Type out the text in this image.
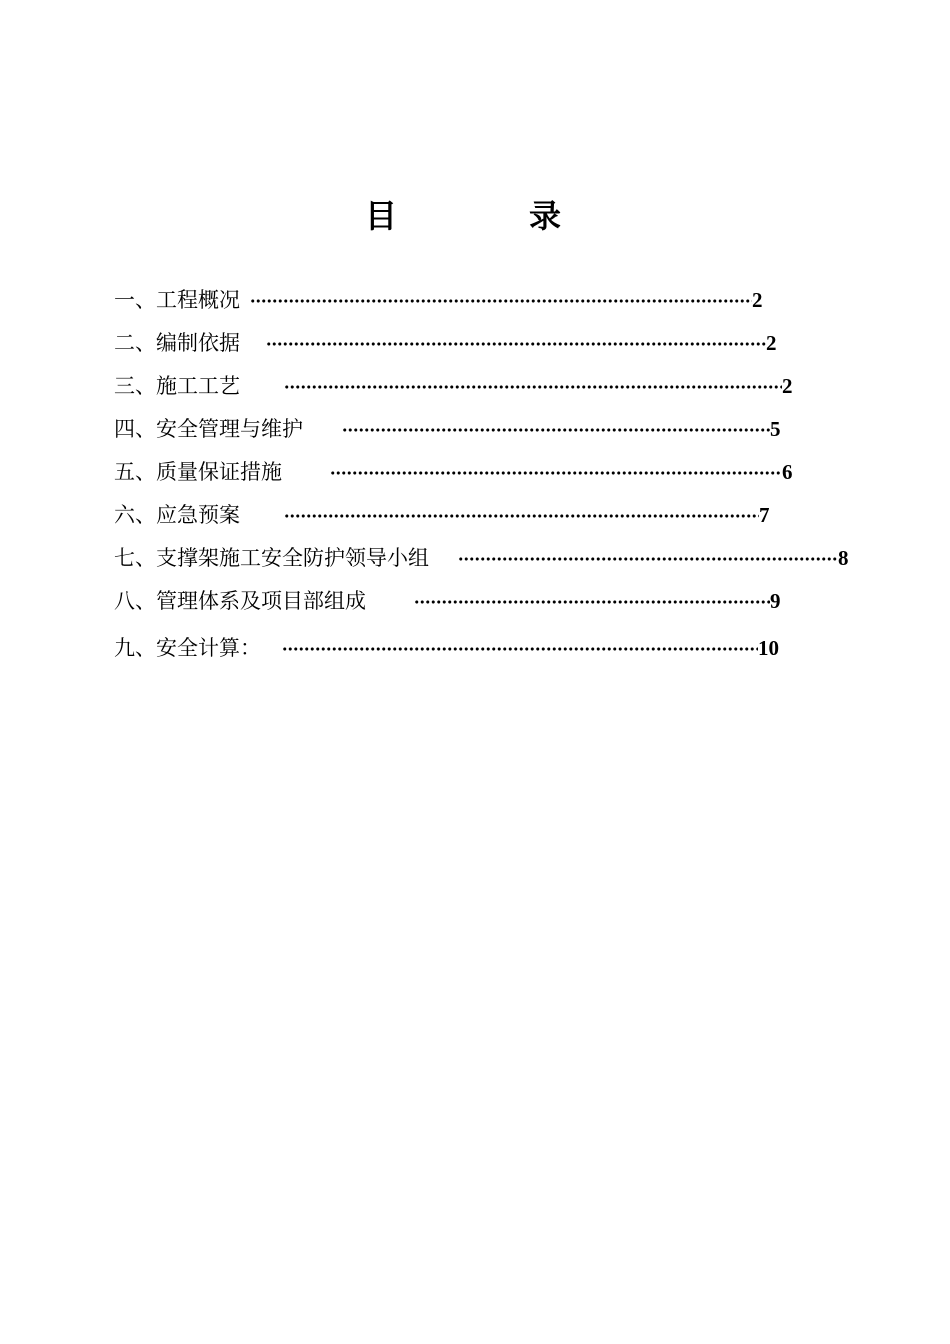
目　录
一、工程概况	2
二、编制依据	2
三、施工工艺	2
四、安全管理与维护	5
五、质量保证措施	6
六、应急预案	7
七、支撑架施工安全防护领导小组	8
八、管理体系及项目部组成	9
九、安全计算：	10
